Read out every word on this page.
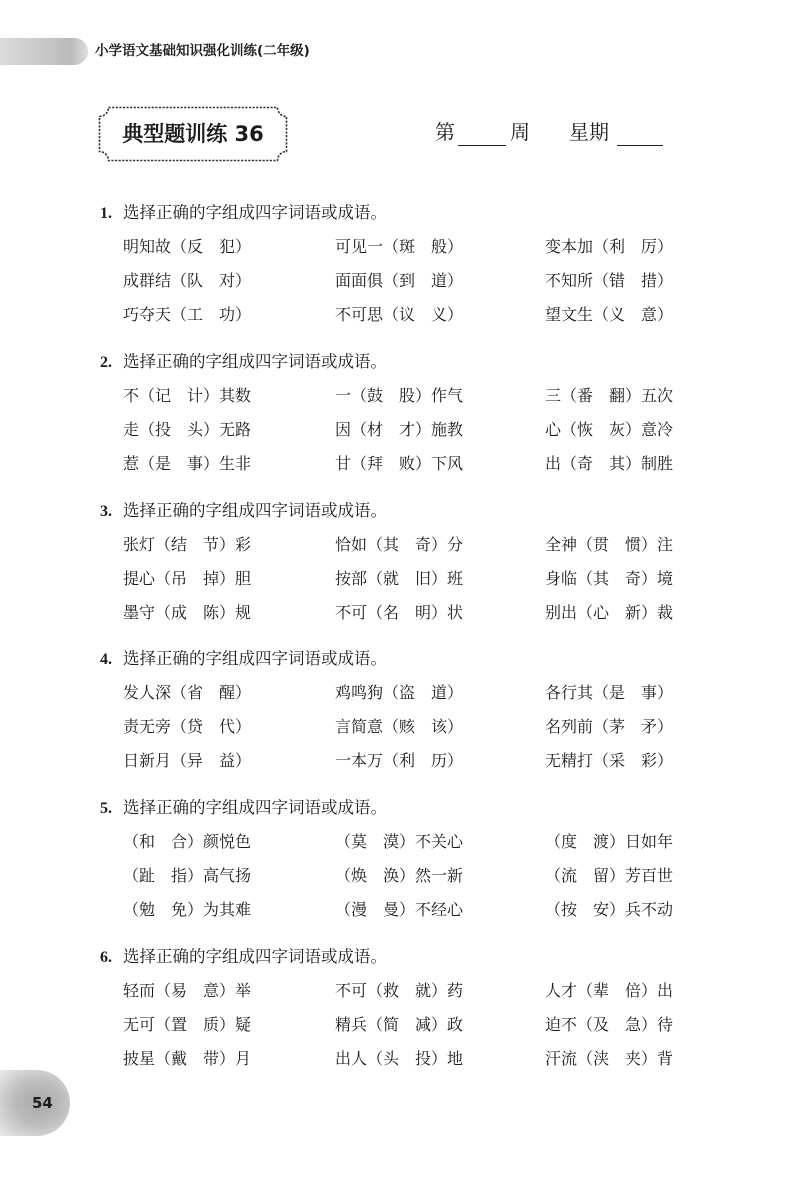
小学语文基础知识强化训练(二年级)
典型题训练 36	第	周 星期
1. 选择正确的字组成四字词语或成语。
明知故（反　犯）	可见一（斑　般）	变本加（利　厉）
成群结（队　对）	面面俱（到　道）	不知所（错　措）
巧夺天（工　功）	不可思（议　义）	望文生（义　意）
2. 选择正确的字组成四字词语或成语。
不（记　计）其数	一（鼓　股）作气	三（番　翻）五次
走（投　头）无路	因（材　才）施教	心（恢　灰）意冷
惹（是　事）生非	甘（拜　败）下风	出（奇　其）制胜
3. 选择正确的字组成四字词语或成语。
张灯（结　节）彩	恰如（其　奇）分	全神（贯　惯）注
提心（吊　掉）胆	按部（就　旧）班	身临（其　奇）境
墨守（成　陈）规	不可（名　明）状	别出（心　新）裁
4. 选择正确的字组成四字词语或成语。
发人深（省　醒）	鸡鸣狗（盗　道）	各行其（是　事）
责无旁（贷　代）	言简意（赅　该）	名列前（茅　矛）
日新月（异　益）	一本万（利　历）	无精打（采　彩）
5. 选择正确的字组成四字词语或成语。
（和　合）颜悦色	（莫　漠）不关心	（度　渡）日如年
（趾　指）高气扬	（焕　涣）然一新	（流　留）芳百世
（勉　免）为其难	（漫　曼）不经心	（按　安）兵不动
6. 选择正确的字组成四字词语或成语。
轻而（易　意）举	不可（救　就）药	人才（辈　倍）出
无可（置　质）疑	精兵（简　减）政	迫不（及　急）待
披星（戴　带）月	出人（头　投）地	汗流（浃　夹）背
54
